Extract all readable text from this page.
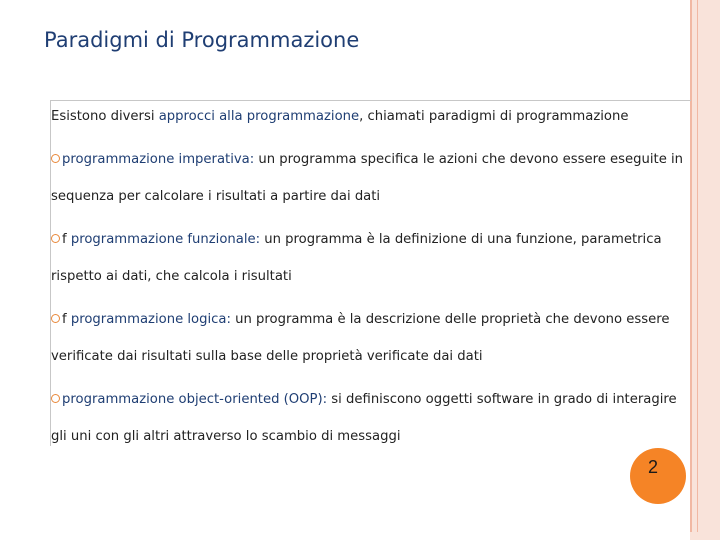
Paradigmi di Programmazione
Esistono diversi approcci alla programmazione, chiamati paradigmi di programmazione
programmazione imperativa: un programma specifica le azioni che devono essere eseguite in
sequenza per calcolare i risultati a partire dai dati
f programmazione funzionale: un programma è la definizione di una funzione, parametrica
rispetto ai dati, che calcola i risultati
f programmazione logica: un programma è la descrizione delle proprietà che devono essere
verificate dai risultati sulla base delle proprietà verificate dai dati
programmazione object-oriented (OOP): si definiscono oggetti software in grado di interagire
gli uni con gli altri attraverso lo scambio di messaggi
2
